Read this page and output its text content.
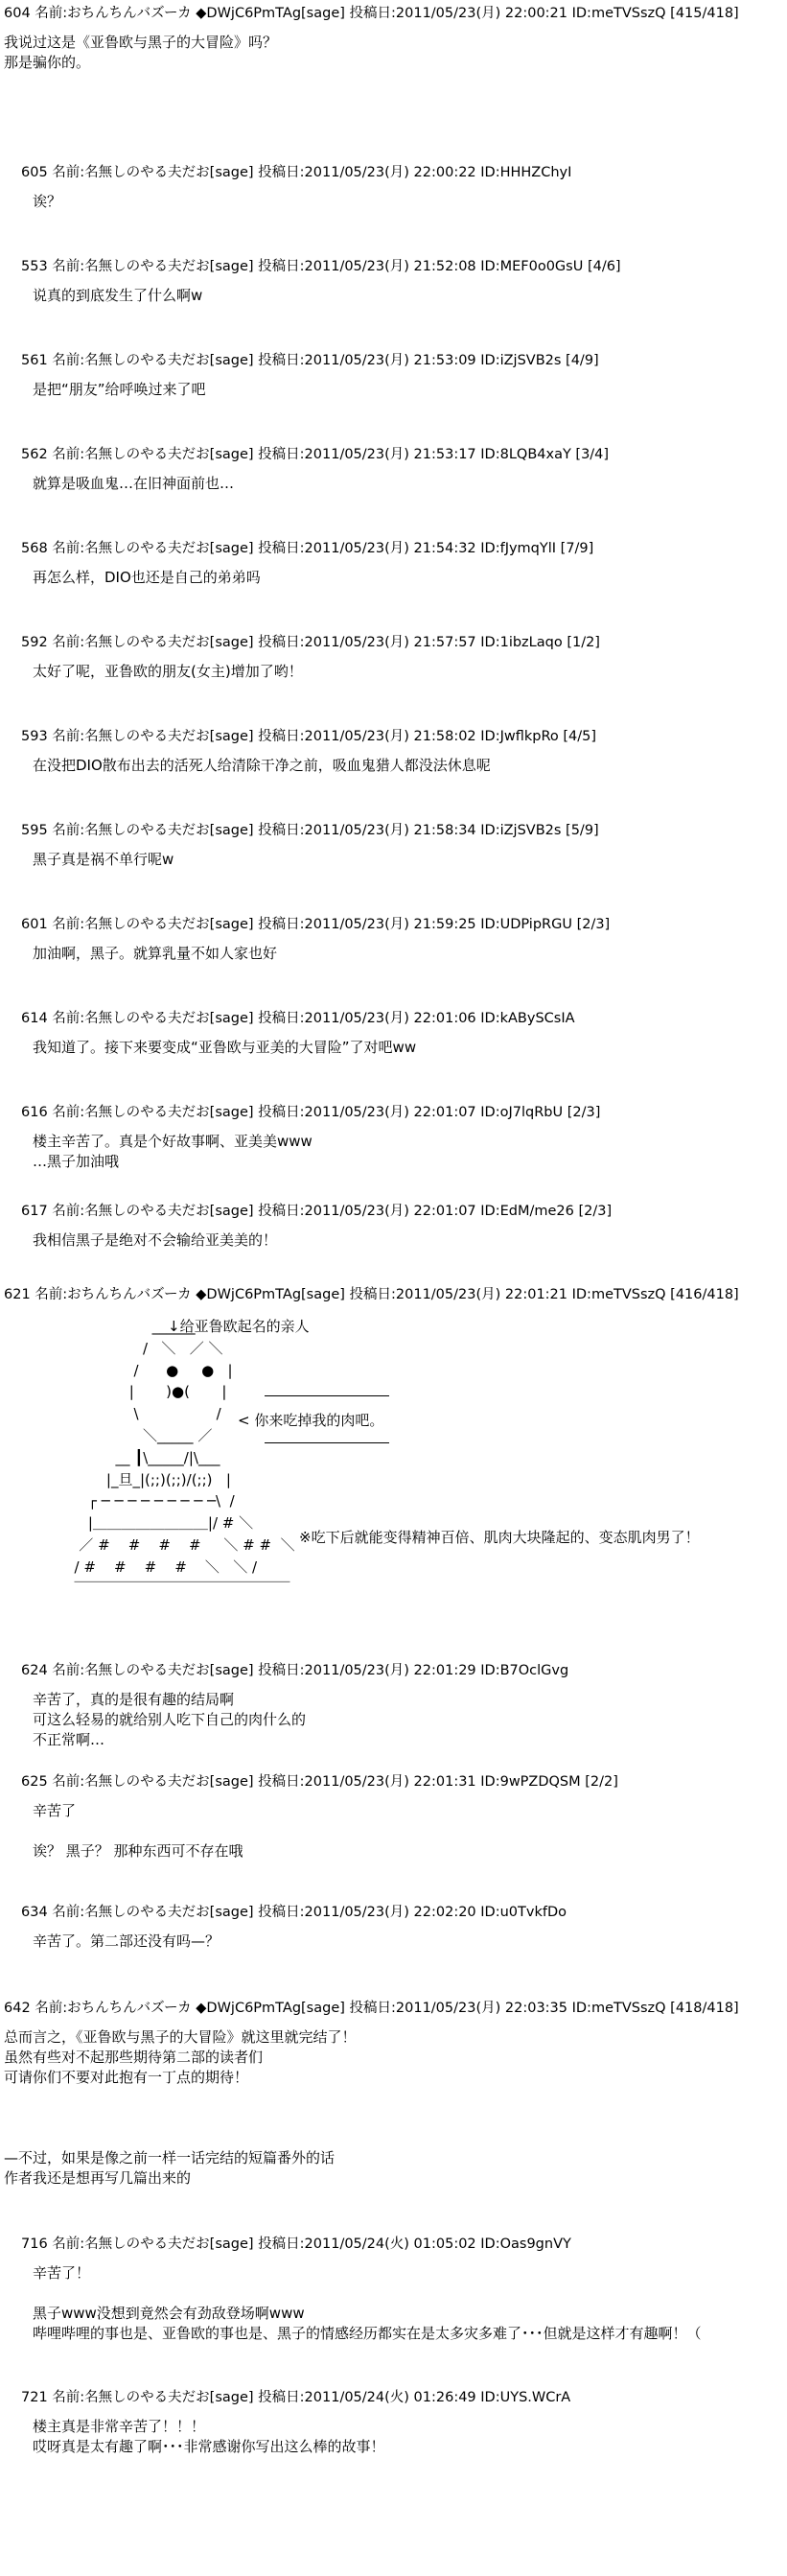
604 名前:おちんちんバズーカ ◆DWjC6PmTAg[sage] 投稿日:2011/05/23(月) 22:00:21 ID:meTVSszQ [415/418]
我说过这是《亚鲁欧与黑子的大冒险》吗？
那是骗你的。
605 名前:名無しのやる夫だお[sage] 投稿日:2011/05/23(月) 22:00:22 ID:HHHZChyI
诶？
553 名前:名無しのやる夫だお[sage] 投稿日:2011/05/23(月) 21:52:08 ID:MEF0o0GsU [4/6]
说真的到底发生了什么啊w
561 名前:名無しのやる夫だお[sage] 投稿日:2011/05/23(月) 21:53:09 ID:iZjSVB2s [4/9]
是把“朋友”给呼唤过来了吧
562 名前:名無しのやる夫だお[sage] 投稿日:2011/05/23(月) 21:53:17 ID:8LQB4xaY [3/4]
就算是吸血鬼…在旧神面前也…
568 名前:名無しのやる夫だお[sage] 投稿日:2011/05/23(月) 21:54:32 ID:fJymqYlI [7/9]
再怎么样，DIO也还是自己的弟弟吗
592 名前:名無しのやる夫だお[sage] 投稿日:2011/05/23(月) 21:57:57 ID:1ibzLaqo [1/2]
太好了呢，亚鲁欧的朋友(女主)增加了哟！
593 名前:名無しのやる夫だお[sage] 投稿日:2011/05/23(月) 21:58:02 ID:JwflkpRo [4/5]
在没把DIO散布出去的活死人给清除干净之前，吸血鬼猎人都没法休息呢
595 名前:名無しのやる夫だお[sage] 投稿日:2011/05/23(月) 21:58:34 ID:iZjSVB2s [5/9]
黑子真是祸不单行呢w
601 名前:名無しのやる夫だお[sage] 投稿日:2011/05/23(月) 21:59:25 ID:UDPipRGU [2/3]
加油啊，黑子。就算乳量不如人家也好
614 名前:名無しのやる夫だお[sage] 投稿日:2011/05/23(月) 22:01:06 ID:kABySCsIA
我知道了。接下来要变成“亚鲁欧与亚美的大冒险”了对吧ww
616 名前:名無しのやる夫だお[sage] 投稿日:2011/05/23(月) 22:01:07 ID:oJ7lqRbU [2/3]
楼主辛苦了。真是个好故事啊、亚美美www
…黑子加油哦
617 名前:名無しのやる夫だお[sage] 投稿日:2011/05/23(月) 22:01:07 ID:EdM/me26 [2/3]
我相信黑子是绝对不会输给亚美美的！
621 名前:おちんちんバズーカ ◆DWjC6PmTAg[sage] 投稿日:2011/05/23(月) 22:01:21 ID:meTVSszQ [416/418]
624 名前:名無しのやる夫だお[sage] 投稿日:2011/05/23(月) 22:01:29 ID:B7OclGvg
辛苦了，真的是很有趣的结局啊
可这么轻易的就给别人吃下自己的肉什么的
不正常啊…
625 名前:名無しのやる夫だお[sage] 投稿日:2011/05/23(月) 22:01:31 ID:9wPZDQSM [2/2]
辛苦了
诶？ 黑子？ 那种东西可不存在哦
634 名前:名無しのやる夫だお[sage] 投稿日:2011/05/23(月) 22:02:20 ID:u0TvkfDo
辛苦了。第二部还没有吗—？
642 名前:おちんちんバズーカ ◆DWjC6PmTAg[sage] 投稿日:2011/05/23(月) 22:03:35 ID:meTVSszQ [418/418]
总而言之，《亚鲁欧与黑子的大冒险》就这里就完结了！
虽然有些对不起那些期待第二部的读者们
可请你们不要对此抱有一丁点的期待！
—不过，如果是像之前一样一话完结的短篇番外的话
作者我还是想再写几篇出来的
716 名前:名無しのやる夫だお[sage] 投稿日:2011/05/24(火) 01:05:02 ID:Oas9gnVY
辛苦了！
黑子www没想到竟然会有劲敌登场啊www
哔哩哔哩的事也是、亚鲁欧的事也是、黑子的情感经历都实在是太多灾多难了･･･但就是这样才有趣啊！（
721 名前:名無しのやる夫だお[sage] 投稿日:2011/05/24(火) 01:26:49 ID:UYS.WCrA
楼主真是非常辛苦了！！！
哎呀真是太有趣了啊･･･非常感谢你写出这么棒的故事！
↓给亚鲁欧起名的亲人
< 你来吃掉我的肉吧。
______
/   ＼   ／ ＼
/      ●     ●   |
|       )●(       |
\                 /
＼_____ ／
__ ┃\_____/|\___
|_旦_|(;;)(;;)/(;;)   |
┌ ─ ─ ─ ─ ─ ─ ─ ─ ─\  /
|＿＿＿＿＿＿＿＿|/ # ＼
／ #    #    #    #     ＼ # #  ＼
/ #    #    #    #    ＼   ＼ /
￣￣￣￣￣￣￣￣￣￣￣￣￣￣￣
※吃下后就能变得精神百倍、肌肉大块隆起的、变态肌肉男了！
